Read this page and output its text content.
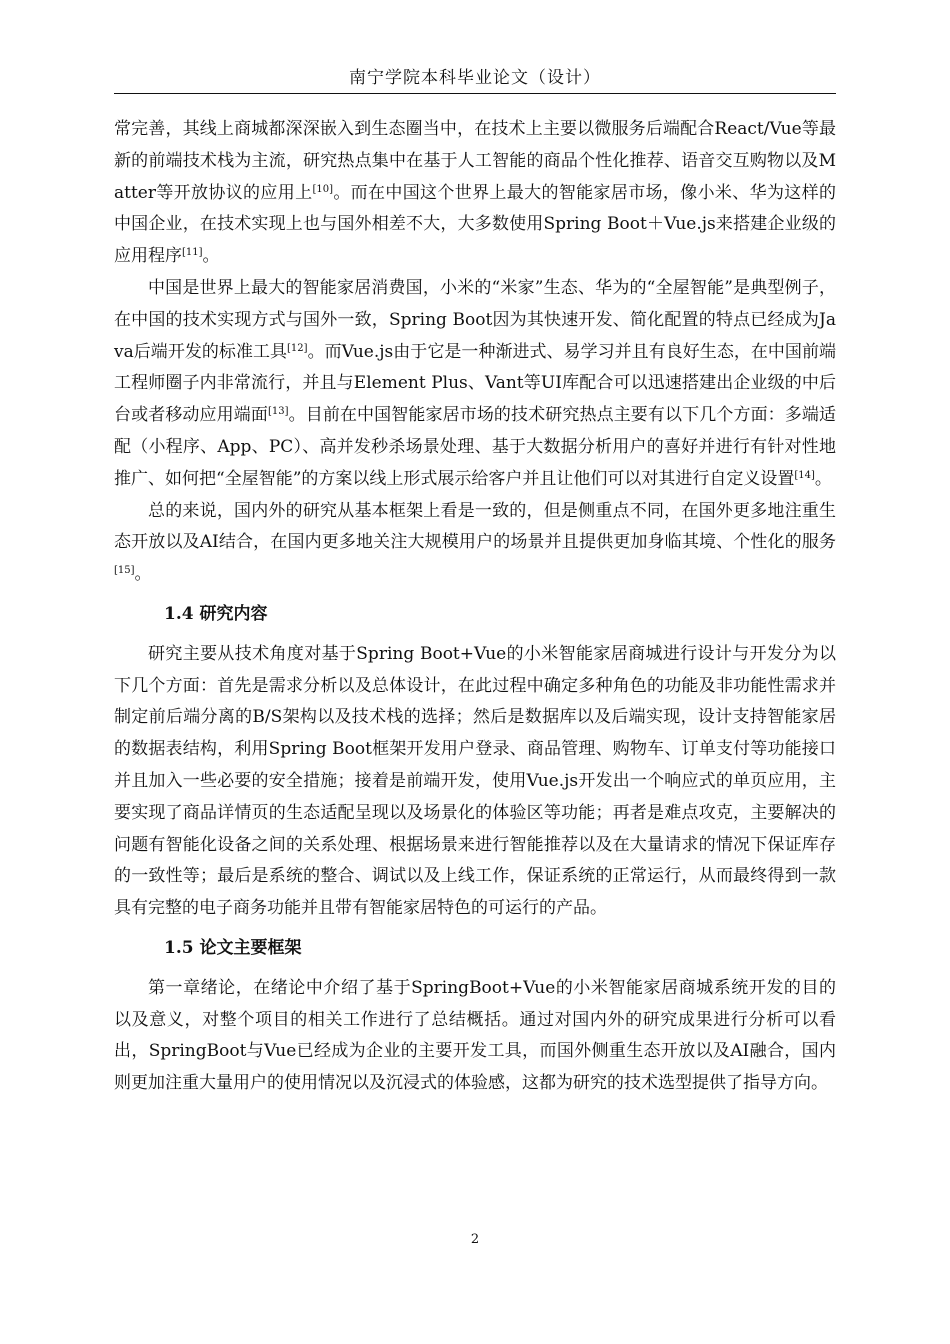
南宁学院本科毕业论文（设计）

常完善，其线上商城都深深嵌入到生态圈当中，在技术上主要以微服务后端配合React/Vue等最新的前端技术栈为主流，研究热点集中在基于人工智能的商品个性化推荐、语音交互购物以及Matter等开放协议的应用上[10]。而在中国这个世界上最大的智能家居市场，像小米、华为这样的中国企业，在技术实现上也与国外相差不大，大多数使用Spring Boot＋Vue.js来搭建企业级的应用程序[11]。

中国是世界上最大的智能家居消费国，小米的“米家”生态、华为的“全屋智能”是典型例子，在中国的技术实现方式与国外一致，Spring Boot因为其快速开发、简化配置的特点已经成为Java后端开发的标准工具[12]。而Vue.js由于它是一种渐进式、易学习并且有良好生态，在中国前端工程师圈子内非常流行，并且与Element Plus、Vant等UI库配合可以迅速搭建出企业级的中后台或者移动应用端面[13]。目前在中国智能家居市场的技术研究热点主要有以下几个方面：多端适配（小程序、App、PC）、高并发秒杀场景处理、基于大数据分析用户的喜好并进行有针对性地推广、如何把“全屋智能”的方案以线上形式展示给客户并且让他们可以对其进行自定义设置[14]。

总的来说，国内外的研究从基本框架上看是一致的，但是侧重点不同，在国外更多地注重生态开放以及AI结合，在国内更多地关注大规模用户的场景并且提供更加身临其境、个性化的服务[15]。

1.4 研究内容

研究主要从技术角度对基于Spring Boot+Vue的小米智能家居商城进行设计与开发分为以下几个方面：首先是需求分析以及总体设计，在此过程中确定多种角色的功能及非功能性需求并制定前后端分离的B/S架构以及技术栈的选择；然后是数据库以及后端实现，设计支持智能家居的数据表结构，利用Spring Boot框架开发用户登录、商品管理、购物车、订单支付等功能接口并且加入一些必要的安全措施；接着是前端开发，使用Vue.js开发出一个响应式的单页应用，主要实现了商品详情页的生态适配呈现以及场景化的体验区等功能；再者是难点攻克，主要解决的问题有智能化设备之间的关系处理、根据场景来进行智能推荐以及在大量请求的情况下保证库存的一致性等；最后是系统的整合、调试以及上线工作，保证系统的正常运行，从而最终得到一款具有完整的电子商务功能并且带有智能家居特色的可运行的产品。

1.5 论文主要框架

第一章绪论，在绪论中介绍了基于SpringBoot+Vue的小米智能家居商城系统开发的目的以及意义，对整个项目的相关工作进行了总结概括。通过对国内外的研究成果进行分析可以看出，SpringBoot与Vue已经成为企业的主要开发工具，而国外侧重生态开放以及AI融合，国内则更加注重大量用户的使用情况以及沉浸式的体验感，这都为研究的技术选型提供了指导方向。

2
